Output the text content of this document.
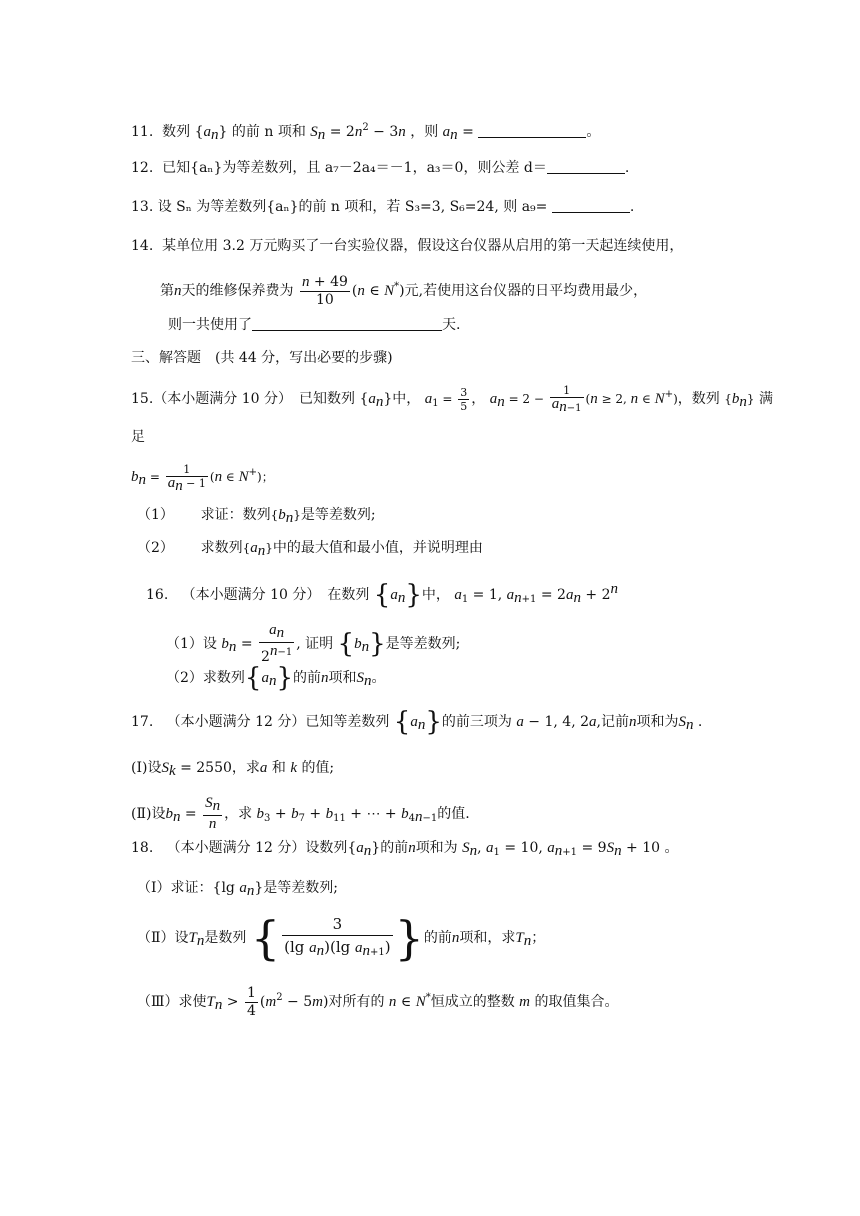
11. 数列 $\{a_n\}$ 的前 n 项和 $S_n = 2n^2 - 3n$ ，则 $a_n$ =	。
12. 已知{aₙ}为等差数列，且 a₇－2a₄＝－1，a₃＝0，则公差 d＝	.
13. 设 Sₙ 为等差数列{aₙ}的前 n 项和，若 S₃=3, S₆=24, 则 a₉=	.
14. 某单位用 3.2 万元购买了一台实验仪器，假设这台仪器从启用的第一天起连续使用，
第n天的维修保养费为 $\frac{n + 49}{10} (n$ ∈ N*)元,若使用这台仪器的日平均费用最少，
则一共使用了	天.
三、解答题　(共 44 分，写出必要的步骤)
15.（本小题满分 10 分）　已知数列 $\{a_n\}$中， $a_1 = \frac{3}{5}$ ， $a_n = 2 - \frac{1}{a_{n-1}} (n \ge 2$, n ∈ N+)，数列 $\{b_n\}$ 满
足
$b_n = \frac{1}{a_n - 1} (n$ ∈ N+)；
（1） 求证：数列$\{b_n\}$是等差数列;
（2） 求数列$\{a_n\}$中的最大值和最小值，并说明理由
16. （本小题满分 10 分）　在数列 $\{a_n\}$中， $a_1 = 1$, $a_{n+1} = 2a_n + 2^n$
（1）设 $b_n = \frac{a_n}{2^{n-1}}$ , 证明 $\{b_n\}$是等差数列;
（2）求数列$\{a_n\}$的前n项和$S_n$。
17. （本小题满分 12 分）已知等差数列 $\{a_n\}$的前三项为 a − 1, 4, 2a,记前n项和为$S_n$ .
(Ⅰ)设$S_k = 2550$，求a 和 k 的值;
(Ⅱ)设$b_n = \frac{S_n}{n}$ ，求 $b_3 + b_7 + b_{11}$ + ⋯ + $b_{4n-1}$的值.
18. （本小题满分 12 分）设数列$\{a_n\}$的前n项和为 $S_n$, $a_1 = 10$, $a_{n+1} = 9S_n + 10$ 。
（Ⅰ）求证：{lg $a_n$}是等差数列;
（Ⅱ）设$T_n$是数列 { $\frac{3}{(\lg a_n)(\lg a_{n+1})}$ }的前n项和，求$T_n$；
（Ⅲ）求使$T_n > \frac{1}{4} (m^2 - 5m)$对所有的 n ∈ N*恒成立的整数 m 的取值集合。
